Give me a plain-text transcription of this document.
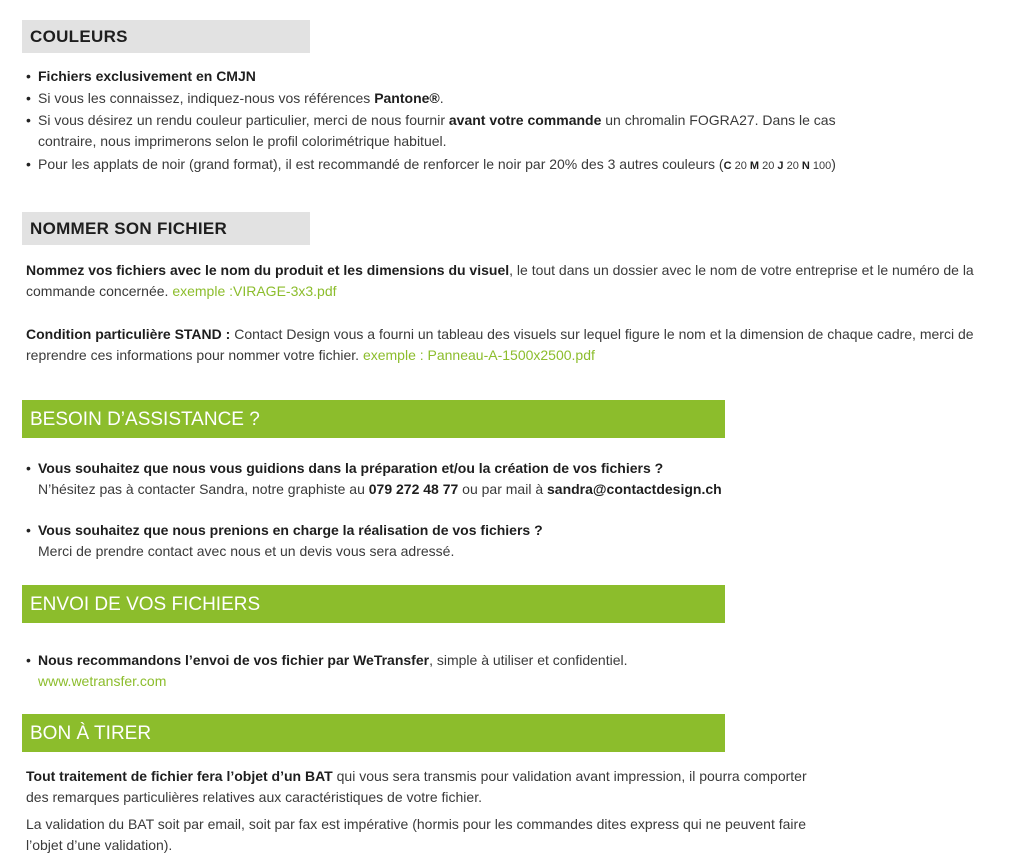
COULEURS
• Fichiers exclusivement en CMJN
• Si vous les connaissez, indiquez-nous vos références Pantone®.
• Si vous désirez un rendu couleur particulier, merci de nous fournir avant votre commande un chromalin FOGRA27. Dans le cas
contraire, nous imprimerons selon le profil colorimétrique habituel.
• Pour les applats de noir (grand format), il est recommandé de renforcer le noir par 20% des 3 autres couleurs (C 20 M 20 J 20 N 100)
NOMMER SON FICHIER
Nommez vos fichiers avec le nom du produit et les dimensions du visuel, le tout dans un dossier avec le nom de votre entreprise et le numéro de la commande concernée. exemple :VIRAGE-3x3.pdf
Condition particulière STAND : Contact Design vous a fourni un tableau des visuels sur lequel figure le nom et la dimension de chaque cadre, merci de reprendre ces informations pour nommer votre fichier. exemple : Panneau-A-1500x2500.pdf
BESOIN D’ASSISTANCE ?
• Vous souhaitez que nous vous guidions dans la préparation et/ou la création de vos fichiers ?
N’hésitez pas à contacter Sandra, notre graphiste au 079 272 48 77 ou par mail à sandra@contactdesign.ch
• Vous souhaitez que nous prenions en charge la réalisation de vos fichiers ?
Merci de prendre contact avec nous et un devis vous sera adressé.
ENVOI DE VOS FICHIERS
• Nous recommandons l’envoi de vos fichier par WeTransfer, simple à utiliser et confidentiel.
www.wetransfer.com
BON À TIRER
Tout traitement de fichier fera l’objet d’un BAT qui vous sera transmis pour validation avant impression, il pourra comporter
des remarques particulières relatives aux caractéristiques de votre fichier.
La validation du BAT soit par email, soit par fax est impérative (hormis pour les commandes dites express qui ne peuvent faire
l’objet d’une validation).
